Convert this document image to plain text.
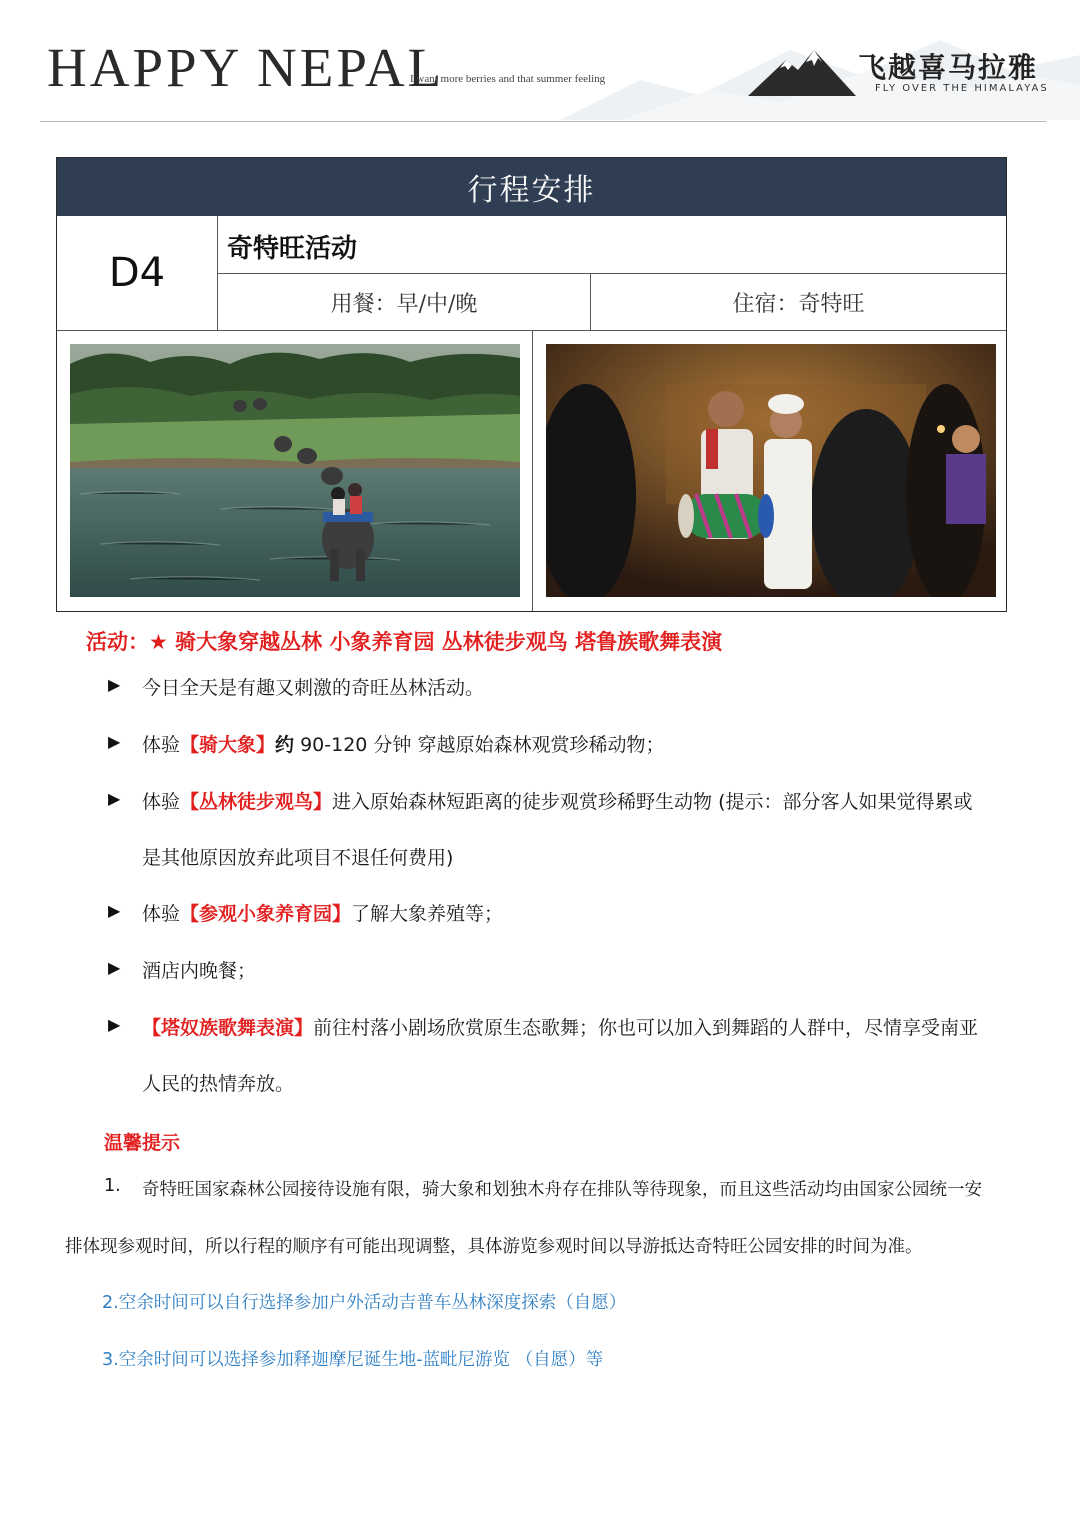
HAPPY NEPAL
I want more berries and that summer feeling	飞越喜马拉雅
FLY OVER THE HIMALAYAS
行程安排
D4
奇特旺活动
用餐：早/中/晚	住宿：奇特旺
活动：★ 骑大象穿越丛林 小象养育园 丛林徒步观鸟 塔鲁族歌舞表演
▶ 今日全天是有趣又刺激的奇旺丛林活动。
▶ 体验【骑大象】约 90-120 分钟 穿越原始森林观赏珍稀动物；
▶ 体验【丛林徒步观鸟】进入原始森林短距离的徒步观赏珍稀野生动物 (提示：部分客人如果觉得累或
是其他原因放弃此项目不退任何费用)
▶ 体验【参观小象养育园】了解大象养殖等；
▶ 酒店内晚餐；
▶ 【塔奴族歌舞表演】前往村落小剧场欣赏原生态歌舞；你也可以加入到舞蹈的人群中，尽情享受南亚
人民的热情奔放。
温馨提示
1. 奇特旺国家森林公园接待设施有限，骑大象和划独木舟存在排队等待现象，而且这些活动均由国家公园统一安
排体现参观时间，所以行程的顺序有可能出现调整，具体游览参观时间以导游抵达奇特旺公园安排的时间为准。
2.空余时间可以自行选择参加户外活动吉普车丛林深度探索（自愿）
3.空余时间可以选择参加释迦摩尼诞生地-蓝毗尼游览 （自愿）等
